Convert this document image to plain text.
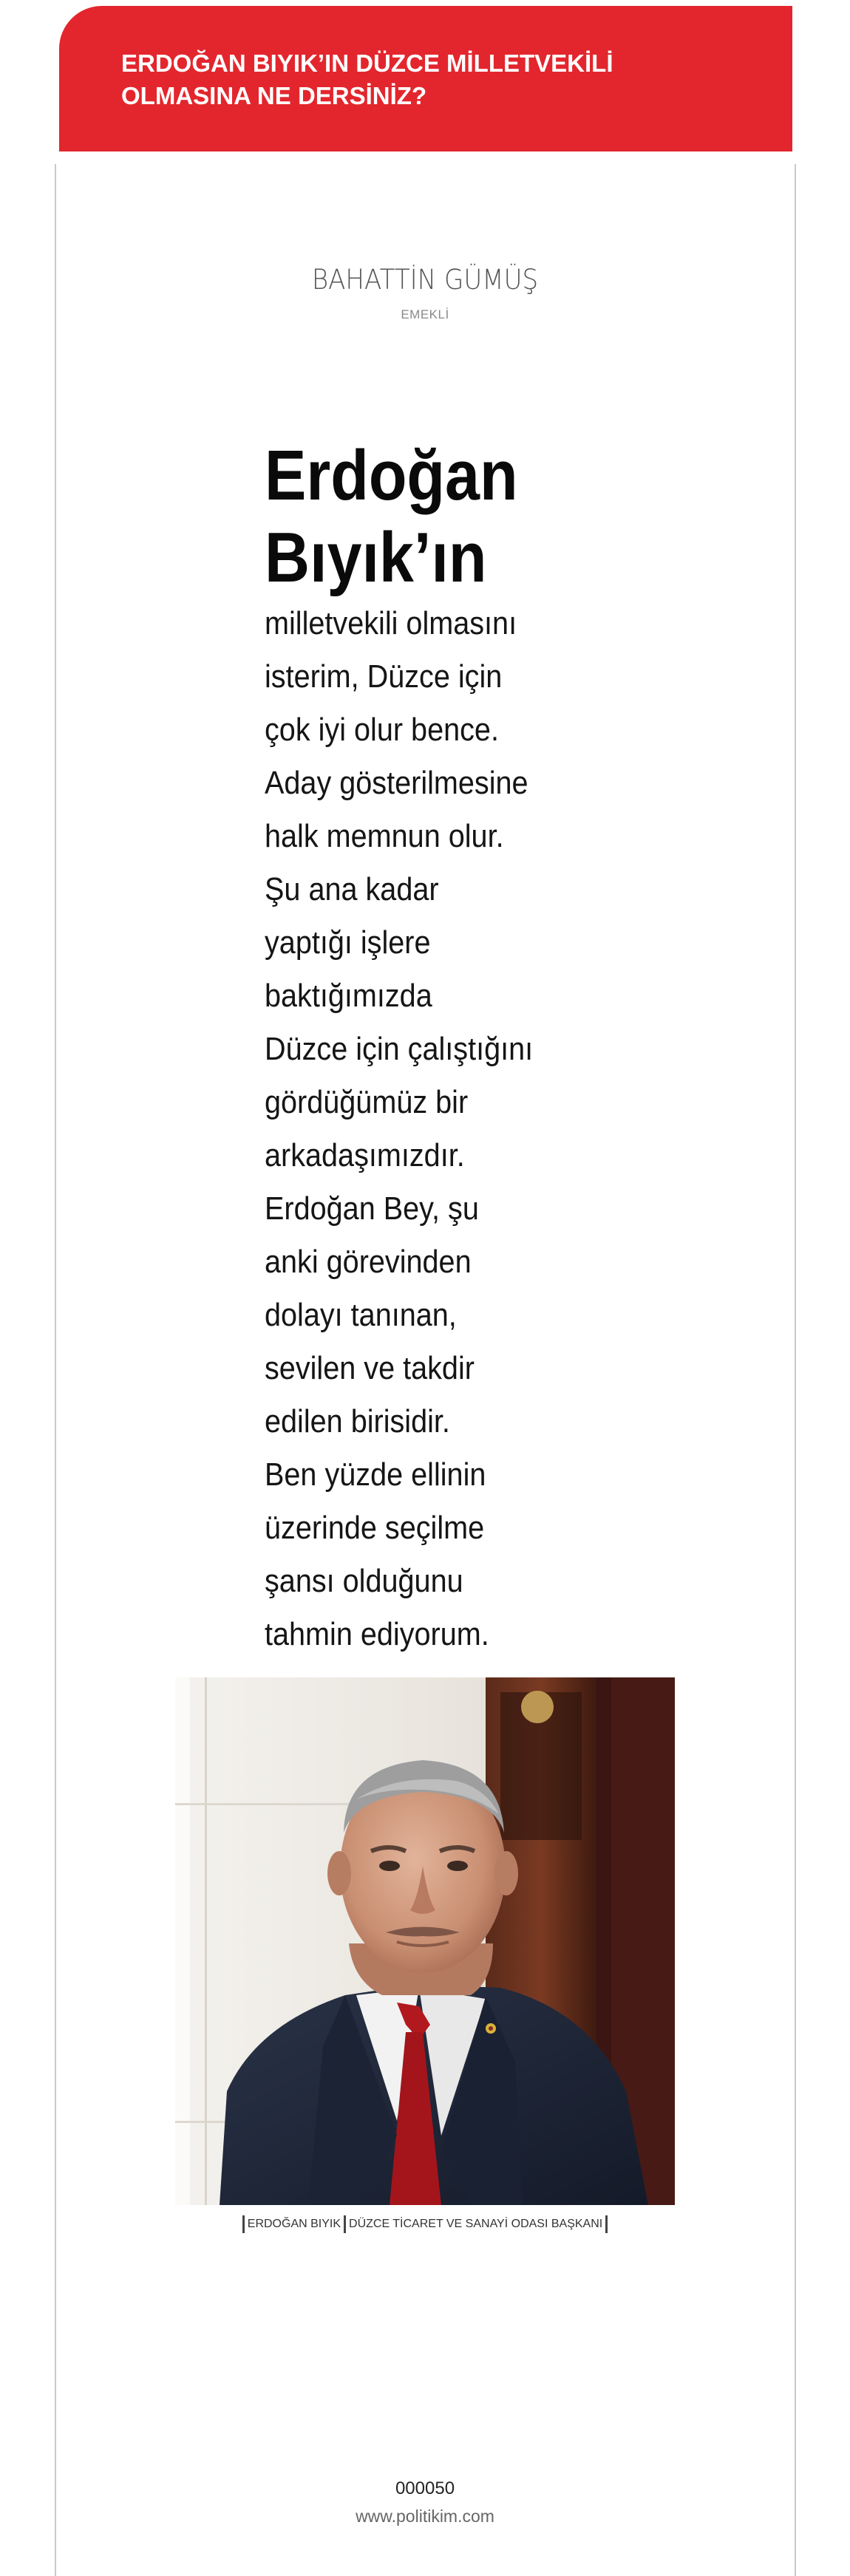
ERDOĞAN BIYIK’IN DÜZCE MİLLETVEKİLİ
OLMASINA NE DERSİNİZ?
BAHATTİN GÜMÜŞ
EMEKLİ
Erdoğan
Bıyık’ın
milletvekili olmasını
isterim, Düzce için
çok iyi olur bence.
Aday gösterilmesine
halk memnun olur.
Şu ana kadar
yaptığı işlere
baktığımızda
Düzce için çalıştığını
gördüğümüz bir
arkadaşımızdır.
Erdoğan Bey, şu
anki görevinden
dolayı tanınan,
sevilen ve takdir
edilen birisidir.
Ben yüzde ellinin
üzerinde seçilme
şansı olduğunu
tahmin ediyorum.
ERDOĞAN BIYIK DÜZCE TİCARET VE SANAYİ ODASI BAŞKANI
000050
www.politikim.com
